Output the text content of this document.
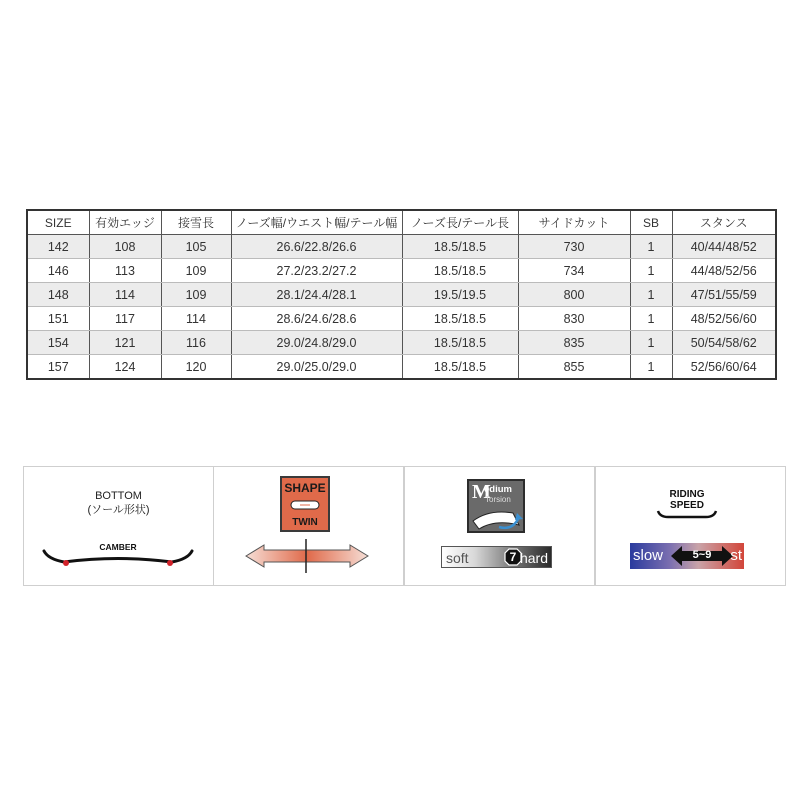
SIZE	有効エッジ	接雪長	ノーズ幅/ウエスト幅/テール幅	ノーズ長/テール長	サイドカット	SB	スタンス
142	108	105	26.6/22.8/26.6	18.5/18.5	730	1	40/44/48/52
146	113	109	27.2/23.2/27.2	18.5/18.5	734	1	44/48/52/56
148	114	109	28.1/24.4/28.1	19.5/19.5	800	1	47/51/55/59
151	117	114	28.6/24.6/28.6	18.5/18.5	830	1	48/52/56/60
154	121	116	29.0/24.8/29.0	18.5/18.5	835	1	50/54/58/62
157	124	120	29.0/25.0/29.0	18.5/18.5	855	1	52/56/60/64
BOTTOM
(ソール形状)
CAMBER
SHAPE
TWIN
M
edium
Torsion
soft	7 hard
RIDING
SPEED
slow	5~9	st
